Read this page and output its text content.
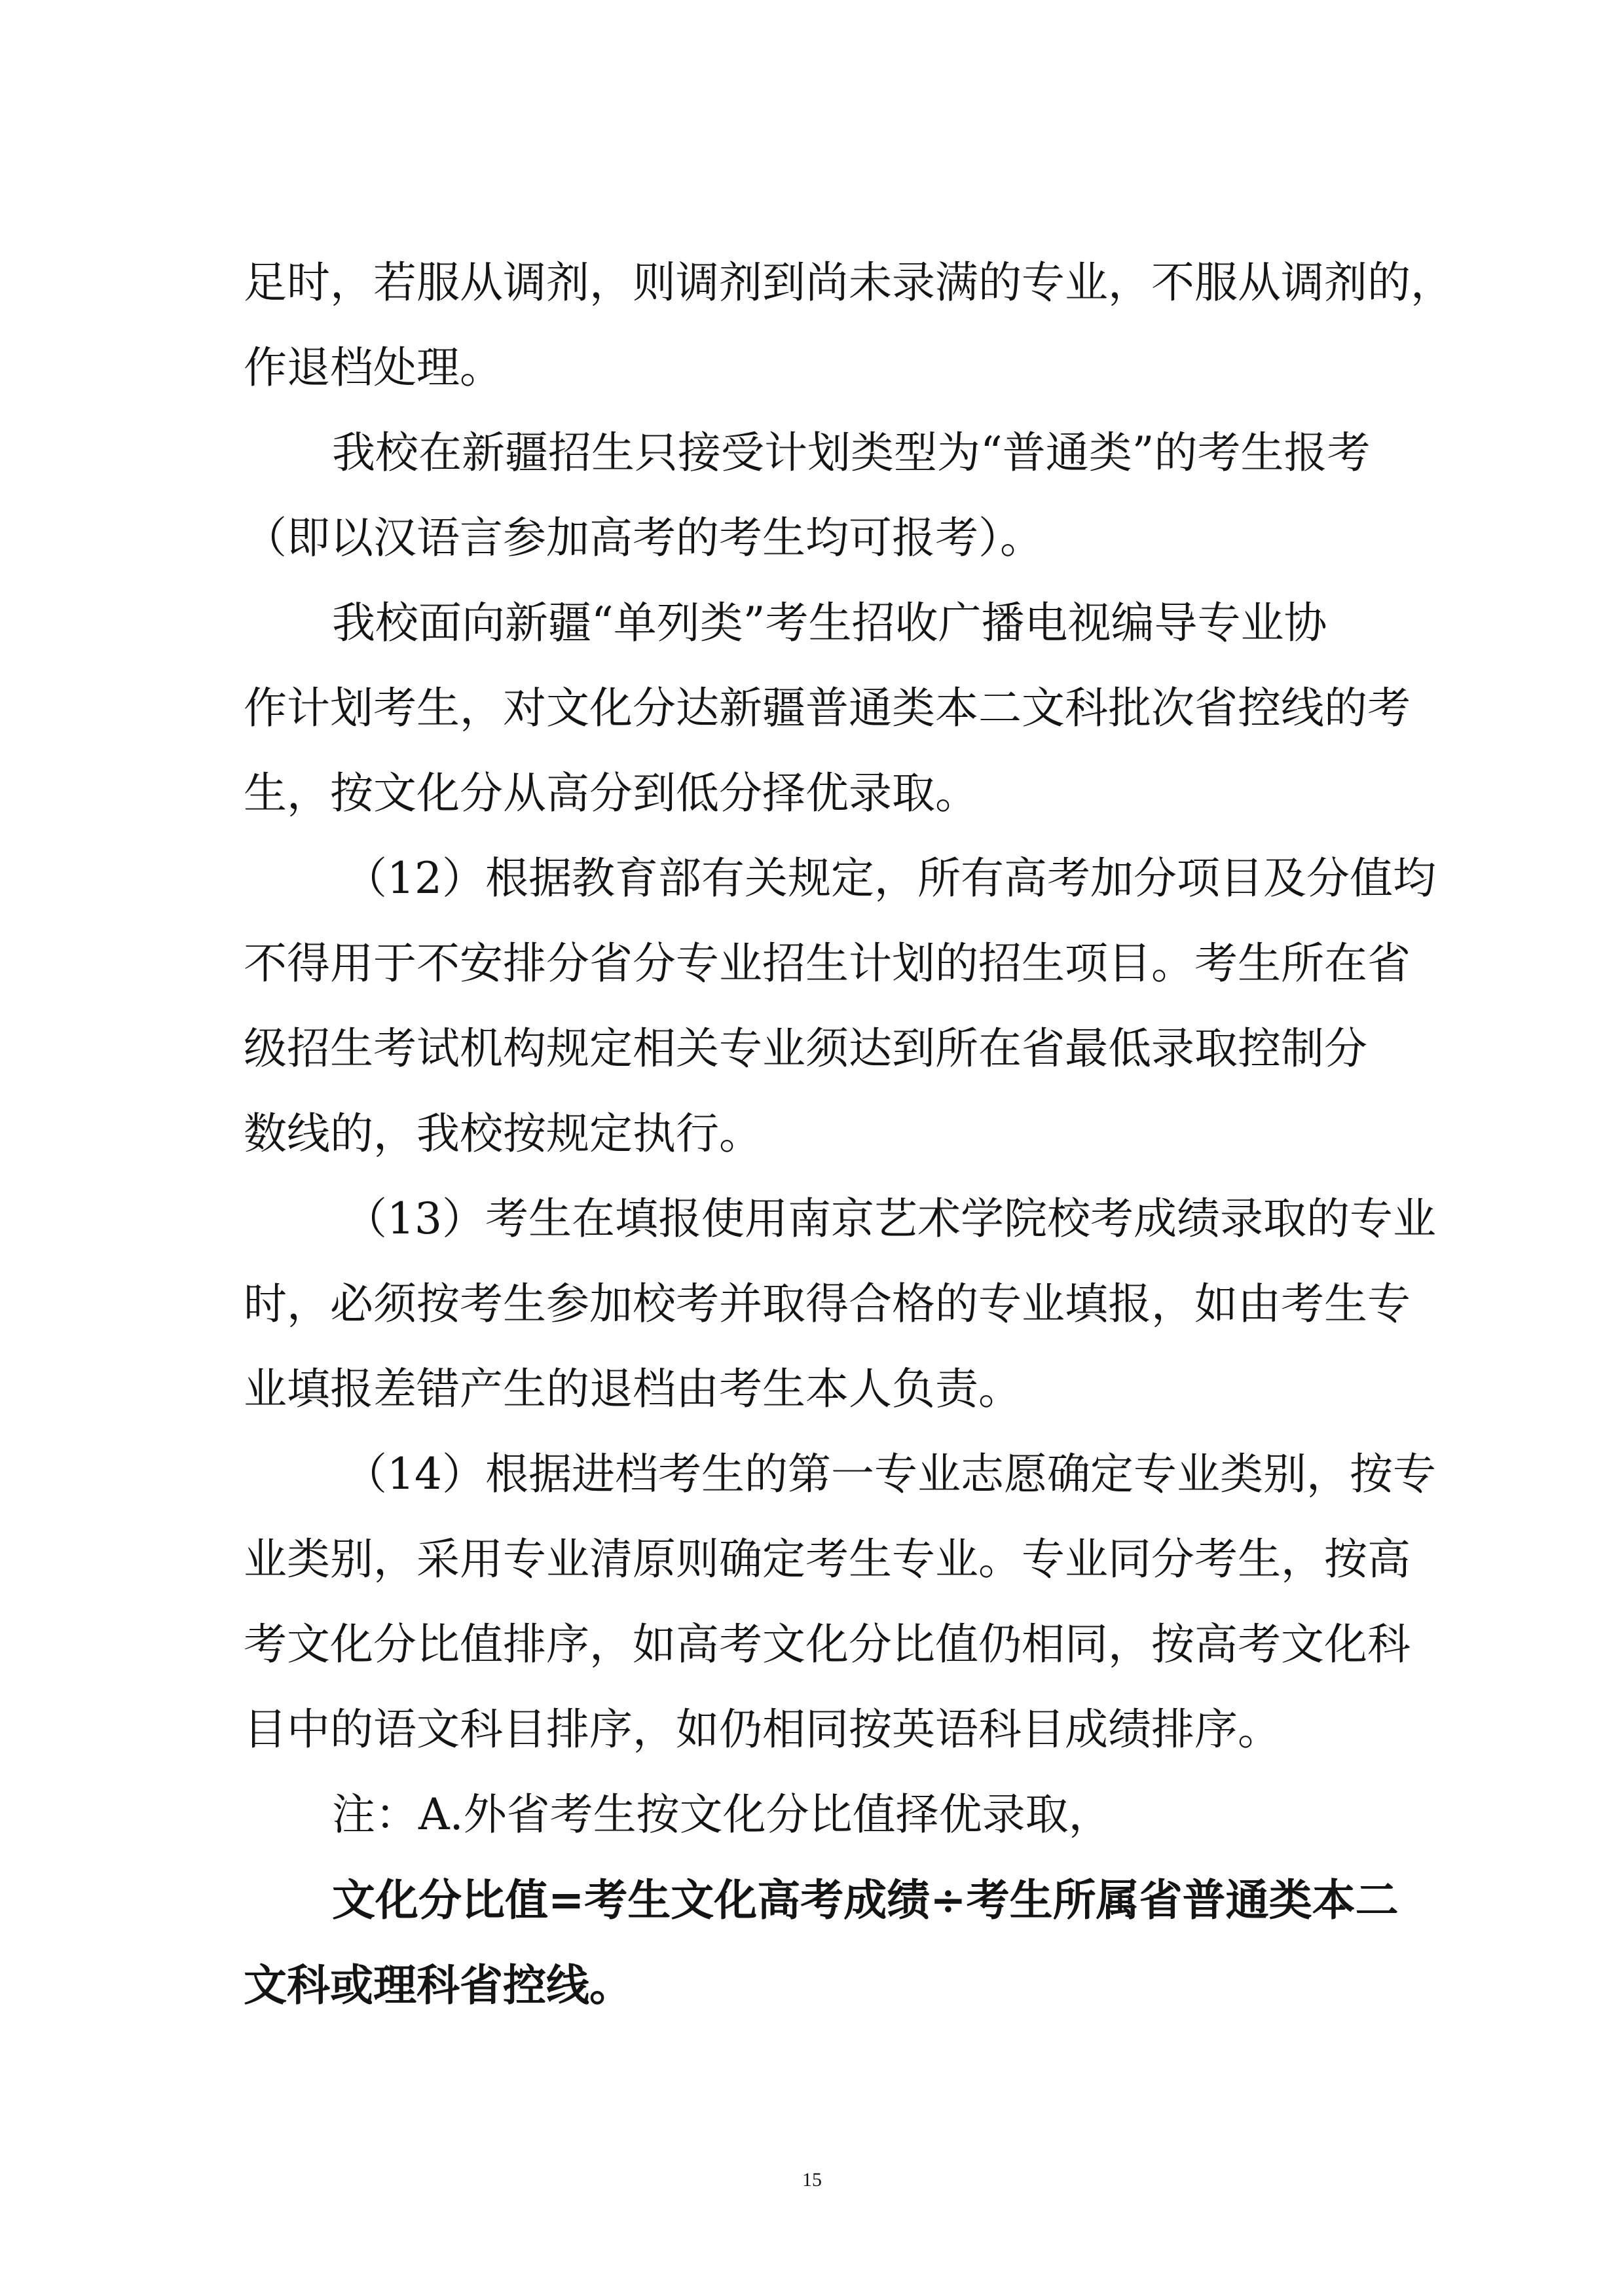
足时，若服从调剂，则调剂到尚未录满的专业，不服从调剂的，
作退档处理。
我校在新疆招生只接受计划类型为“普通类”的考生报考
（即以汉语言参加高考的考生均可报考）。
我校面向新疆“单列类”考生招收广播电视编导专业协
作计划考生，对文化分达新疆普通类本二文科批次省控线的考
生，按文化分从高分到低分择优录取。
（12）根据教育部有关规定，所有高考加分项目及分值均
不得用于不安排分省分专业招生计划的招生项目。考生所在省
级招生考试机构规定相关专业须达到所在省最低录取控制分
数线的，我校按规定执行。
（13）考生在填报使用南京艺术学院校考成绩录取的专业
时，必须按考生参加校考并取得合格的专业填报，如由考生专
业填报差错产生的退档由考生本人负责。
（14）根据进档考生的第一专业志愿确定专业类别，按专
业类别，采用专业清原则确定考生专业。专业同分考生，按高
考文化分比值排序，如高考文化分比值仍相同，按高考文化科
目中的语文科目排序，如仍相同按英语科目成绩排序。
注：A.外省考生按文化分比值择优录取，
文化分比值=考生文化高考成绩÷考生所属省普通类本二
文科或理科省控线。
15
